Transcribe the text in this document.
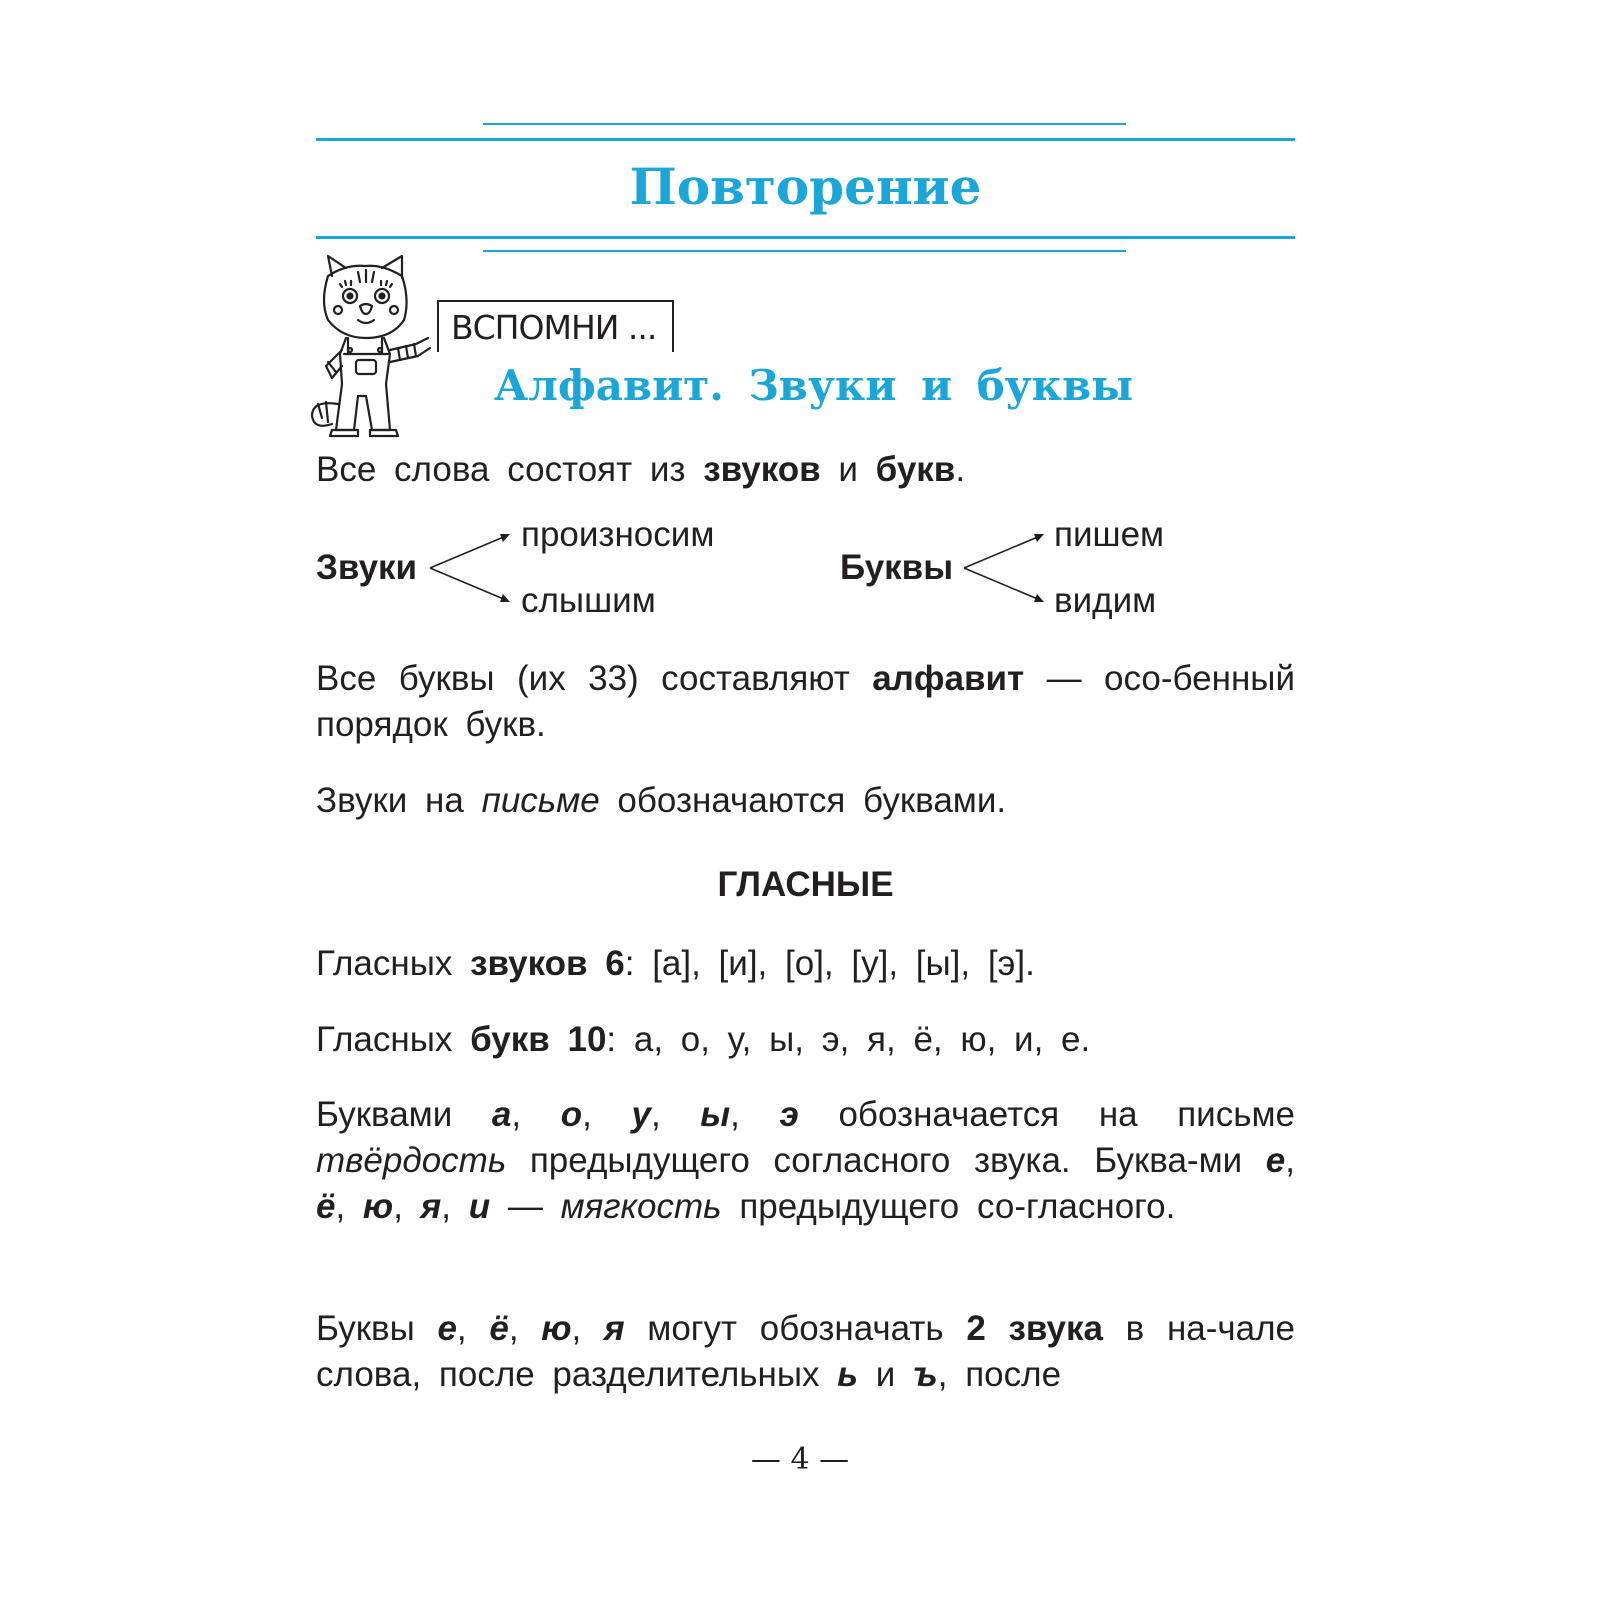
Повторение
ВСПОМНИ ...
Алфавит. Звуки и буквы

Все слова состоят из звуков и букв.

Звуки
произносим
слышим
Буквы
пишем
видим

Все буквы (их 33) составляют алфавит — осо-бенный порядок букв.

Звуки на письме обозначаются буквами.

ГЛАСНЫЕ

Гласных звуков 6: [а], [и], [о], [у], [ы], [э].

Гласных букв 10: а, о, у, ы, э, я, ё, ю, и, е.

Буквами а, о, у, ы, э обозначается на письме твёрдость предыдущего согласного звука. Буква-ми е, ё, ю, я, и — мягкость предыдущего со-гласного.

Буквы е, ё, ю, я могут обозначать 2 звука в на-чале слова, после разделительных ь и ъ, после

— 4 —
